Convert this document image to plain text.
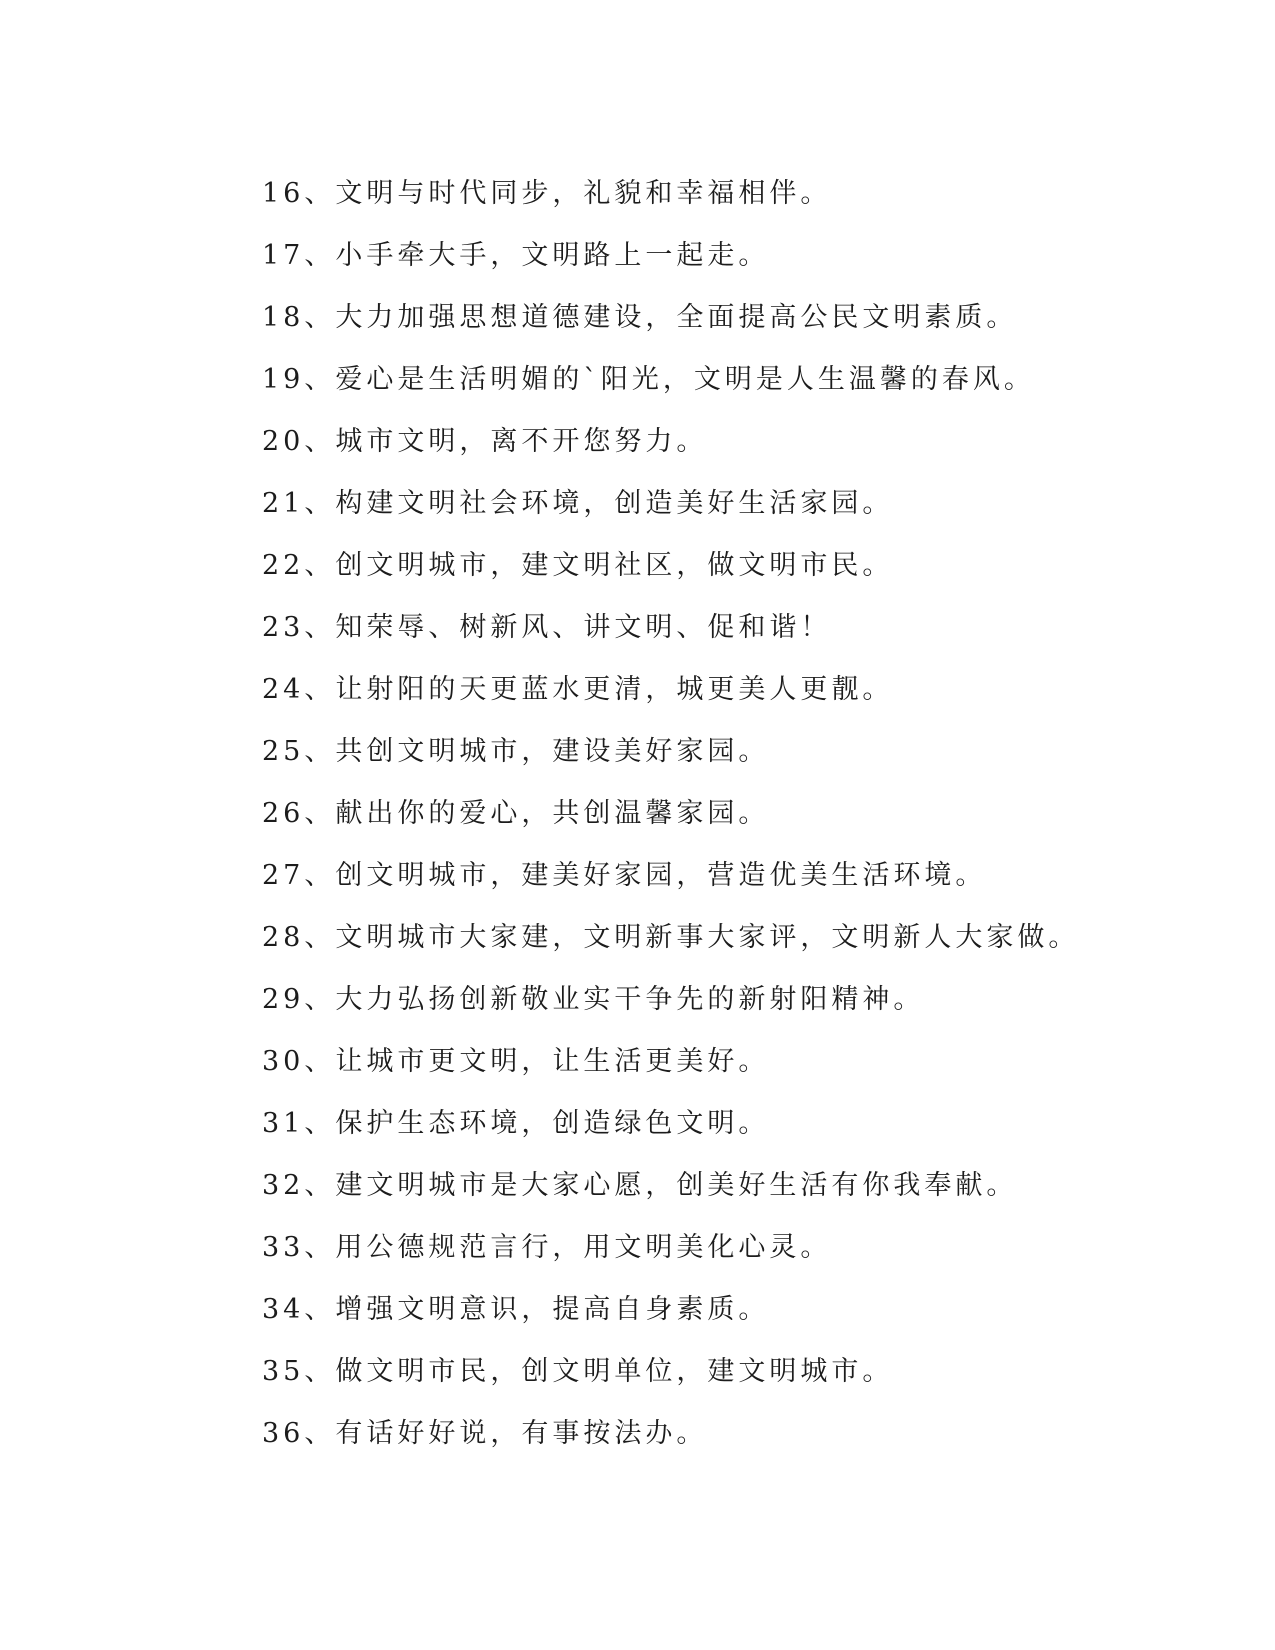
16、文明与时代同步，礼貌和幸福相伴。
17、小手牵大手，文明路上一起走。
18、大力加强思想道德建设，全面提高公民文明素质。
19、爱心是生活明媚的`阳光，文明是人生温馨的春风。
20、城市文明，离不开您努力。
21、构建文明社会环境，创造美好生活家园。
22、创文明城市，建文明社区，做文明市民。
23、知荣辱、树新风、讲文明、促和谐！
24、让射阳的天更蓝水更清，城更美人更靓。
25、共创文明城市，建设美好家园。
26、献出你的爱心，共创温馨家园。
27、创文明城市，建美好家园，营造优美生活环境。
28、文明城市大家建，文明新事大家评，文明新人大家做。
29、大力弘扬创新敬业实干争先的新射阳精神。
30、让城市更文明，让生活更美好。
31、保护生态环境，创造绿色文明。
32、建文明城市是大家心愿，创美好生活有你我奉献。
33、用公德规范言行，用文明美化心灵。
34、增强文明意识，提高自身素质。
35、做文明市民，创文明单位，建文明城市。
36、有话好好说，有事按法办。
